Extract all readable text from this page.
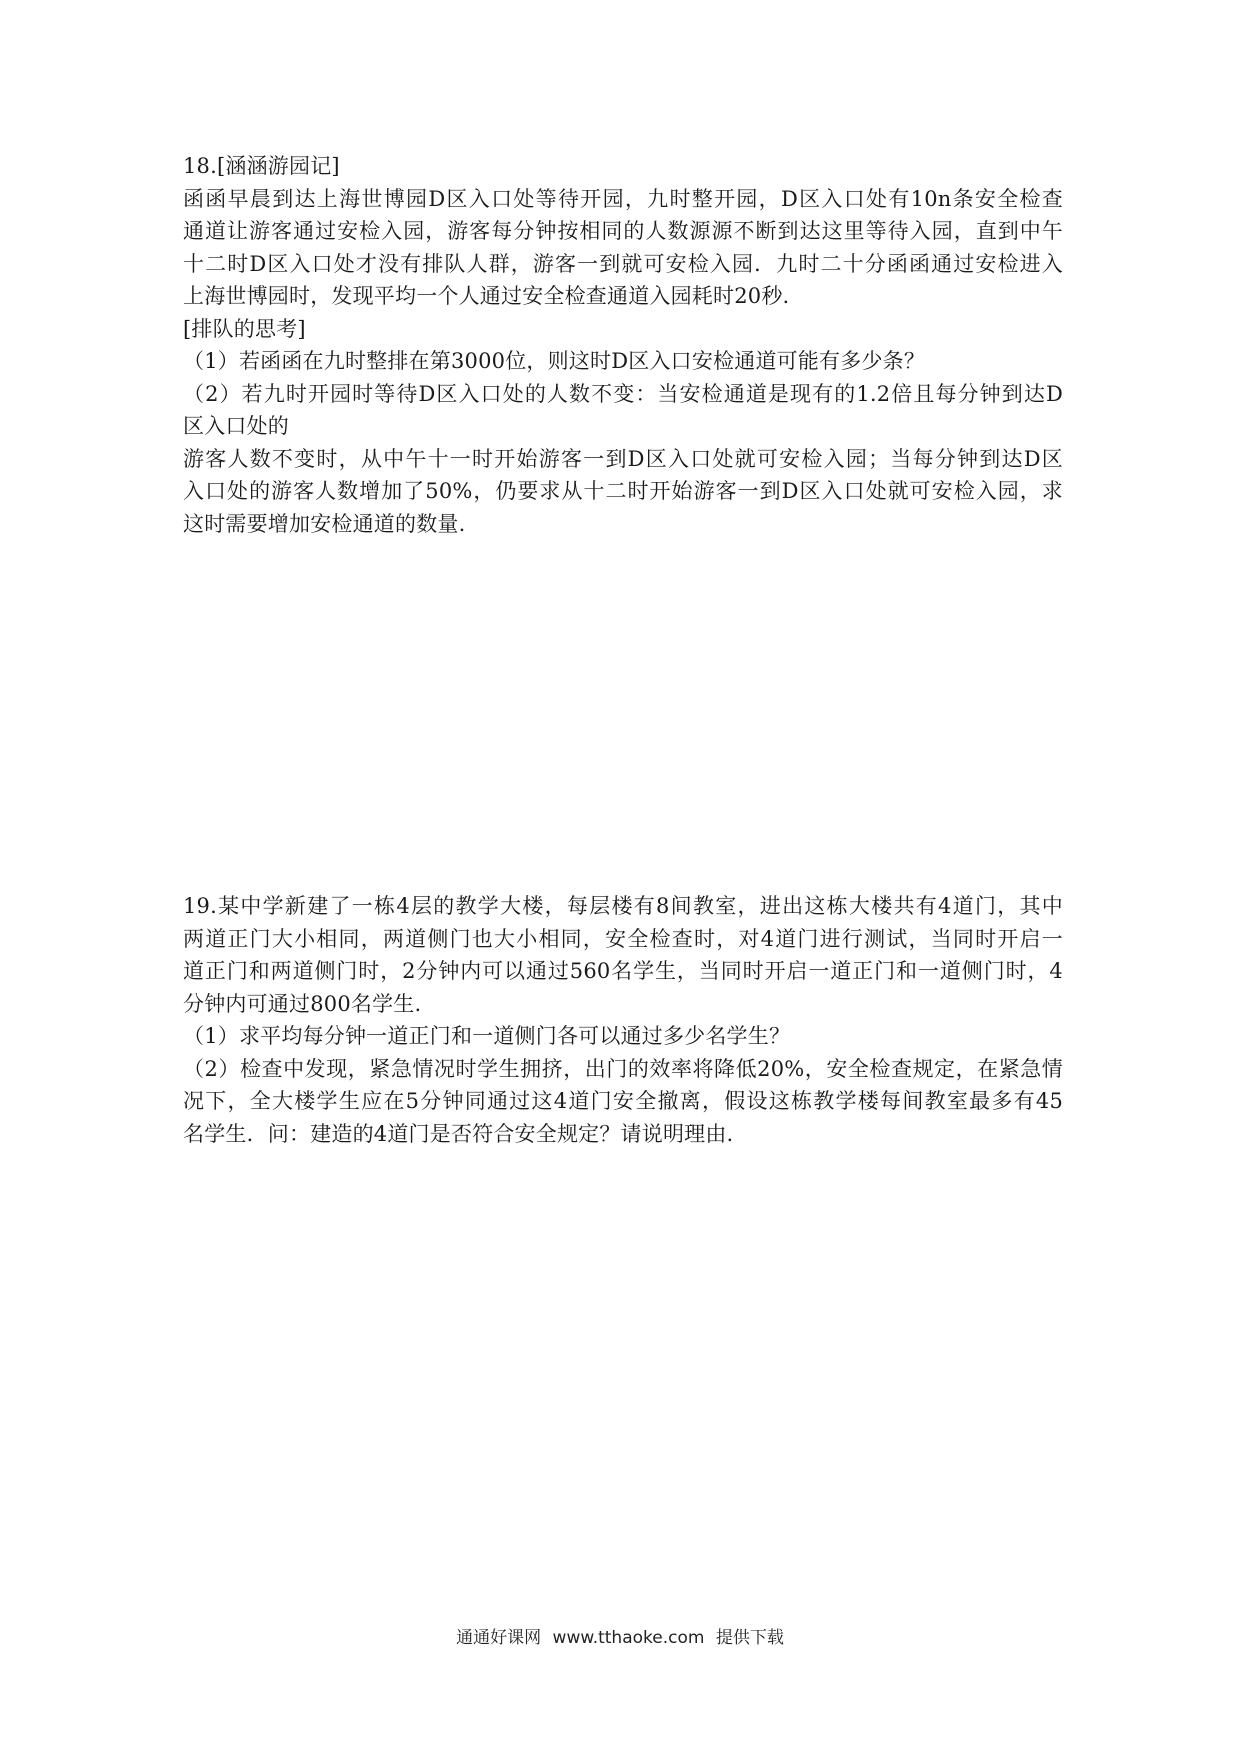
18.[涵涵游园记]
函函早晨到达上海世博园D区入口处等待开园，九时整开园，D区入口处有10n条安全检查
通道让游客通过安检入园，游客每分钟按相同的人数源源不断到达这里等待入园，直到中午
十二时D区入口处才没有排队人群，游客一到就可安检入园．九时二十分函函通过安检进入
上海世博园时，发现平均一个人通过安全检查通道入园耗时20秒.
[排队的思考]
（1）若函函在九时整排在第3000位，则这时D区入口安检通道可能有多少条？
（2）若九时开园时等待D区入口处的人数不变：当安检通道是现有的1.2倍且每分钟到达D
区入口处的
游客人数不变时，从中午十一时开始游客一到D区入口处就可安检入园；当每分钟到达D区
入口处的游客人数增加了50%，仍要求从十二时开始游客一到D区入口处就可安检入园，求
这时需要增加安检通道的数量.
19.某中学新建了一栋4层的教学大楼，每层楼有8间教室，进出这栋大楼共有4道门，其中
两道正门大小相同，两道侧门也大小相同，安全检查时，对4道门进行测试，当同时开启一
道正门和两道侧门时，2分钟内可以通过560名学生，当同时开启一道正门和一道侧门时，4
分钟内可通过800名学生.
（1）求平均每分钟一道正门和一道侧门各可以通过多少名学生？
（2）检查中发现，紧急情况时学生拥挤，出门的效率将降低20%，安全检查规定，在紧急情
况下，全大楼学生应在5分钟同通过这4道门安全撤离，假设这栋教学楼每间教室最多有45
名学生．问：建造的4道门是否符合安全规定？请说明理由.
通通好课网 www.tthaoke.com 提供下载
